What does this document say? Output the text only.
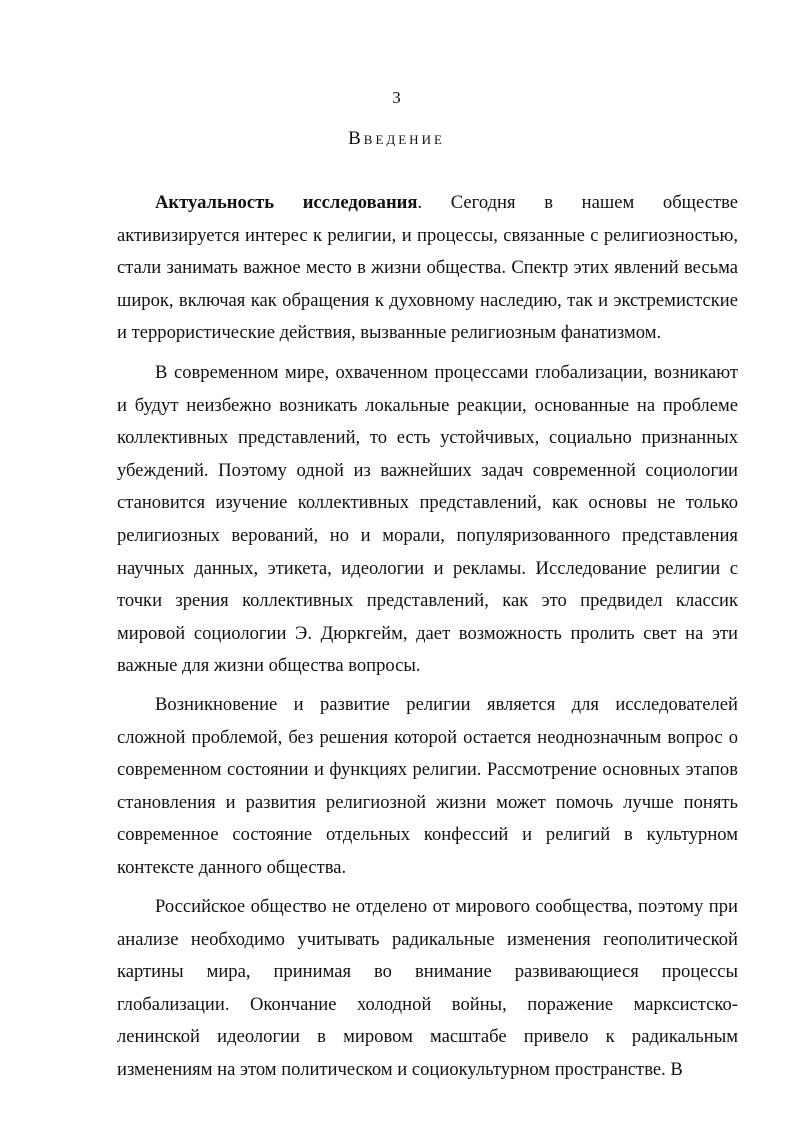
3
Введение

Актуальность исследования. Сегодня в нашем обществе активизируется интерес к религии, и процессы, связанные с религиозностью, стали занимать важное место в жизни общества. Спектр этих явлений весьма широк, включая как обращения к духовному наследию, так и экстремистские и террористические действия, вызванные религиозным фанатизмом.

В современном мире, охваченном процессами глобализации, возникают и будут неизбежно возникать локальные реакции, основанные на проблеме коллективных представлений, то есть устойчивых, социально признанных убеждений. Поэтому одной из важнейших задач современной социологии становится изучение коллективных представлений, как основы не только религиозных верований, но и морали, популяризованного представления научных данных, этикета, идеологии и рекламы. Исследование религии с точки зрения коллективных представлений, как это предвидел классик мировой социологии Э. Дюркгейм, дает возможность пролить свет на эти важные для жизни общества вопросы.

Возникновение и развитие религии является для исследователей сложной проблемой, без решения которой остается неоднозначным вопрос о современном состоянии и функциях религии. Рассмотрение основных этапов становления и развития религиозной жизни может помочь лучше понять современное состояние отдельных конфессий и религий в культурном контексте данного общества.

Российское общество не отделено от мирового сообщества, поэтому при анализе необходимо учитывать радикальные изменения геополитической картины мира, принимая во внимание развивающиеся процессы глобализации. Окончание холодной войны, поражение марксистско-ленинской идеологии в мировом масштабе привело к радикальным изменениям на этом политическом и социокультурном пространстве. В
